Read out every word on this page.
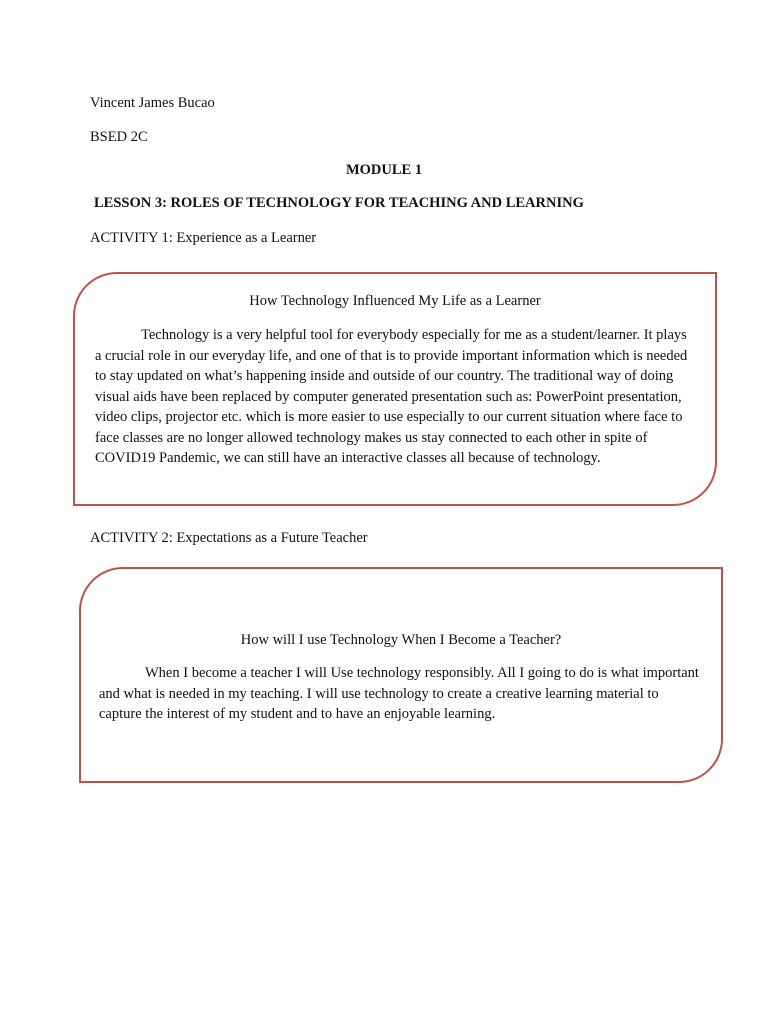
Vincent James Bucao
BSED 2C
MODULE 1
LESSON 3: ROLES OF TECHNOLOGY FOR TEACHING AND LEARNING
ACTIVITY 1: Experience as a Learner
How Technology Influenced My Life as a Learner
Technology is a very helpful tool for everybody especially for me as a student/learner. It plays a crucial role in our everyday life, and one of that is to provide important information which is needed to stay updated on what’s happening inside and outside of our country. The traditional way of doing visual aids have been replaced by computer generated presentation such as: PowerPoint presentation, video clips, projector etc. which is more easier to use especially to our current situation where face to face classes are no longer allowed technology makes us stay connected to each other in spite of COVID19 Pandemic, we can still have an interactive classes all because of technology.
ACTIVITY 2: Expectations as a Future Teacher
How will I use Technology When I Become a Teacher?
When I become a teacher I will Use technology responsibly. All I going to do is what important and what is needed in my teaching. I will use technology to create a creative learning material to capture the interest of my student and to have an enjoyable learning.
